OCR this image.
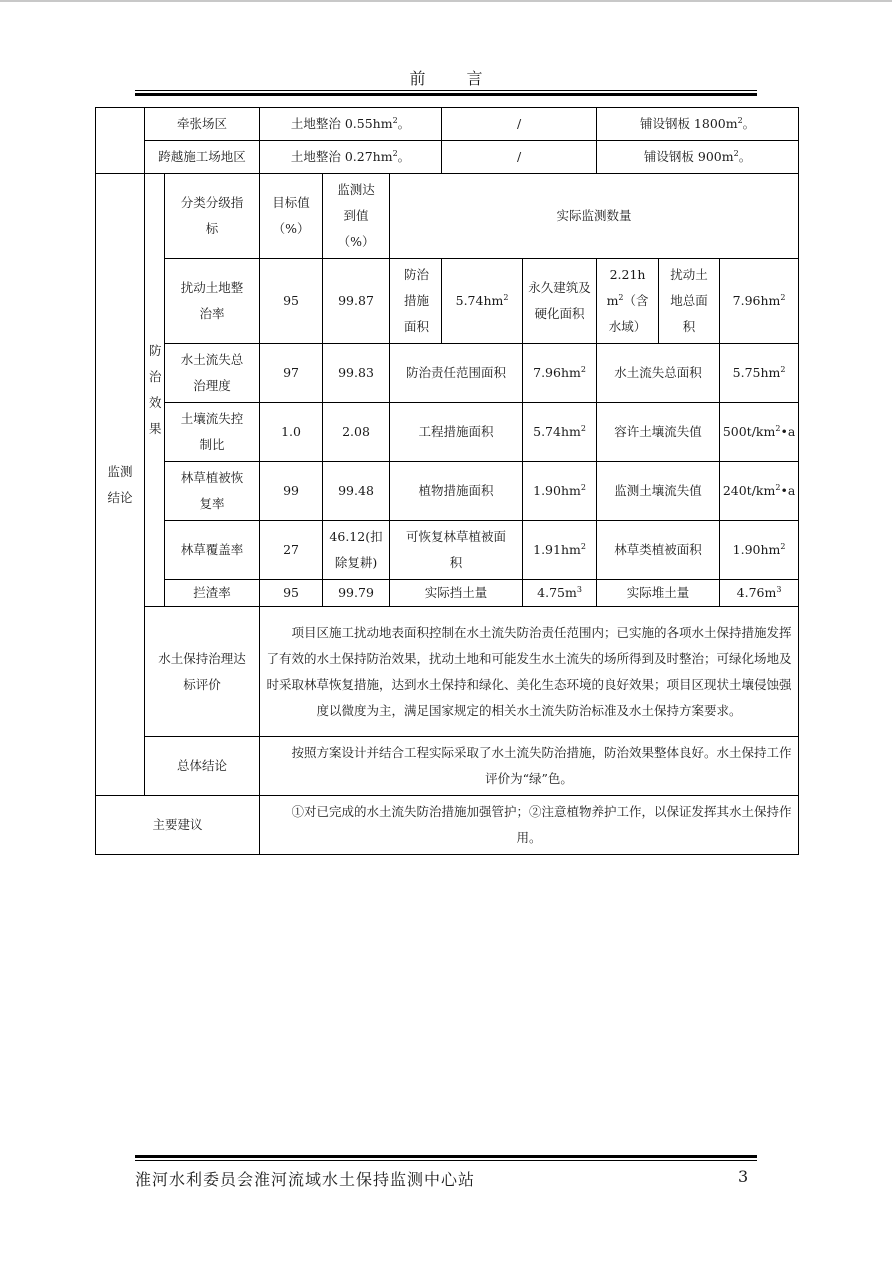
前 言
	牵张场区		土地整治 $0.55hm^2$。			/		铺设钢板 $1800m^2$。		
	跨越施工场地区		土地整治 $0.27hm^2$。			/		铺设钢板 $900m^2$。		
监测结论	防治效果	分类分级指标	目标值（%）	监测达到值（%）	实际监测数量					
		扰动土地整治率	95	99.87	防治措施面积	$5.74hm^2$	永久建筑及硬化面积	$2.21hm^2$（含水域）	扰动土地总面积	$7.96hm^2$
		水土流失总治理度	97	99.83	防治责任范围面积		$7.96hm^2$	水土流失总面积		$5.75hm^2$
		土壤流失控制比	1.0	2.08	工程措施面积		$5.74hm^2$	容许土壤流失值		$500t/km^2•a$
		林草植被恢复率	99	99.48	植物措施面积		$1.90hm^2$	监测土壤流失值		$240t/km^2•a$
		林草覆盖率	27	46.12(扣除复耕)	可恢复林草植被面积		$1.91hm^2$	林草类植被面积		$1.90hm^2$
		拦渣率	95	99.79	实际挡土量		$4.75m^3$	实际堆土量		$4.76m^3$
	水土保持治理达标评价		项目区施工扰动地表面积控制在水土流失防治责任范围内；已实施的各项水土保持措施发挥了有效的水土保持防治效果，扰动土地和可能发生水土流失的场所得到及时整治；可绿化场地及时采取林草恢复措施，达到水土保持和绿化、美化生态环境的良好效果；项目区现状土壤侵蚀强度以微度为主，满足国家规定的相关水土流失防治标准及水土保持方案要求。							
	总体结论		按照方案设计并结合工程实际采取了水土流失防治措施，防治效果整体良好。水土保持工作评价为“绿”色。							
主要建议			①对已完成的水土流失防治措施加强管护；②注意植物养护工作，以保证发挥其水土保持作用。							
淮河水利委员会淮河流域水土保持监测中心站	3
